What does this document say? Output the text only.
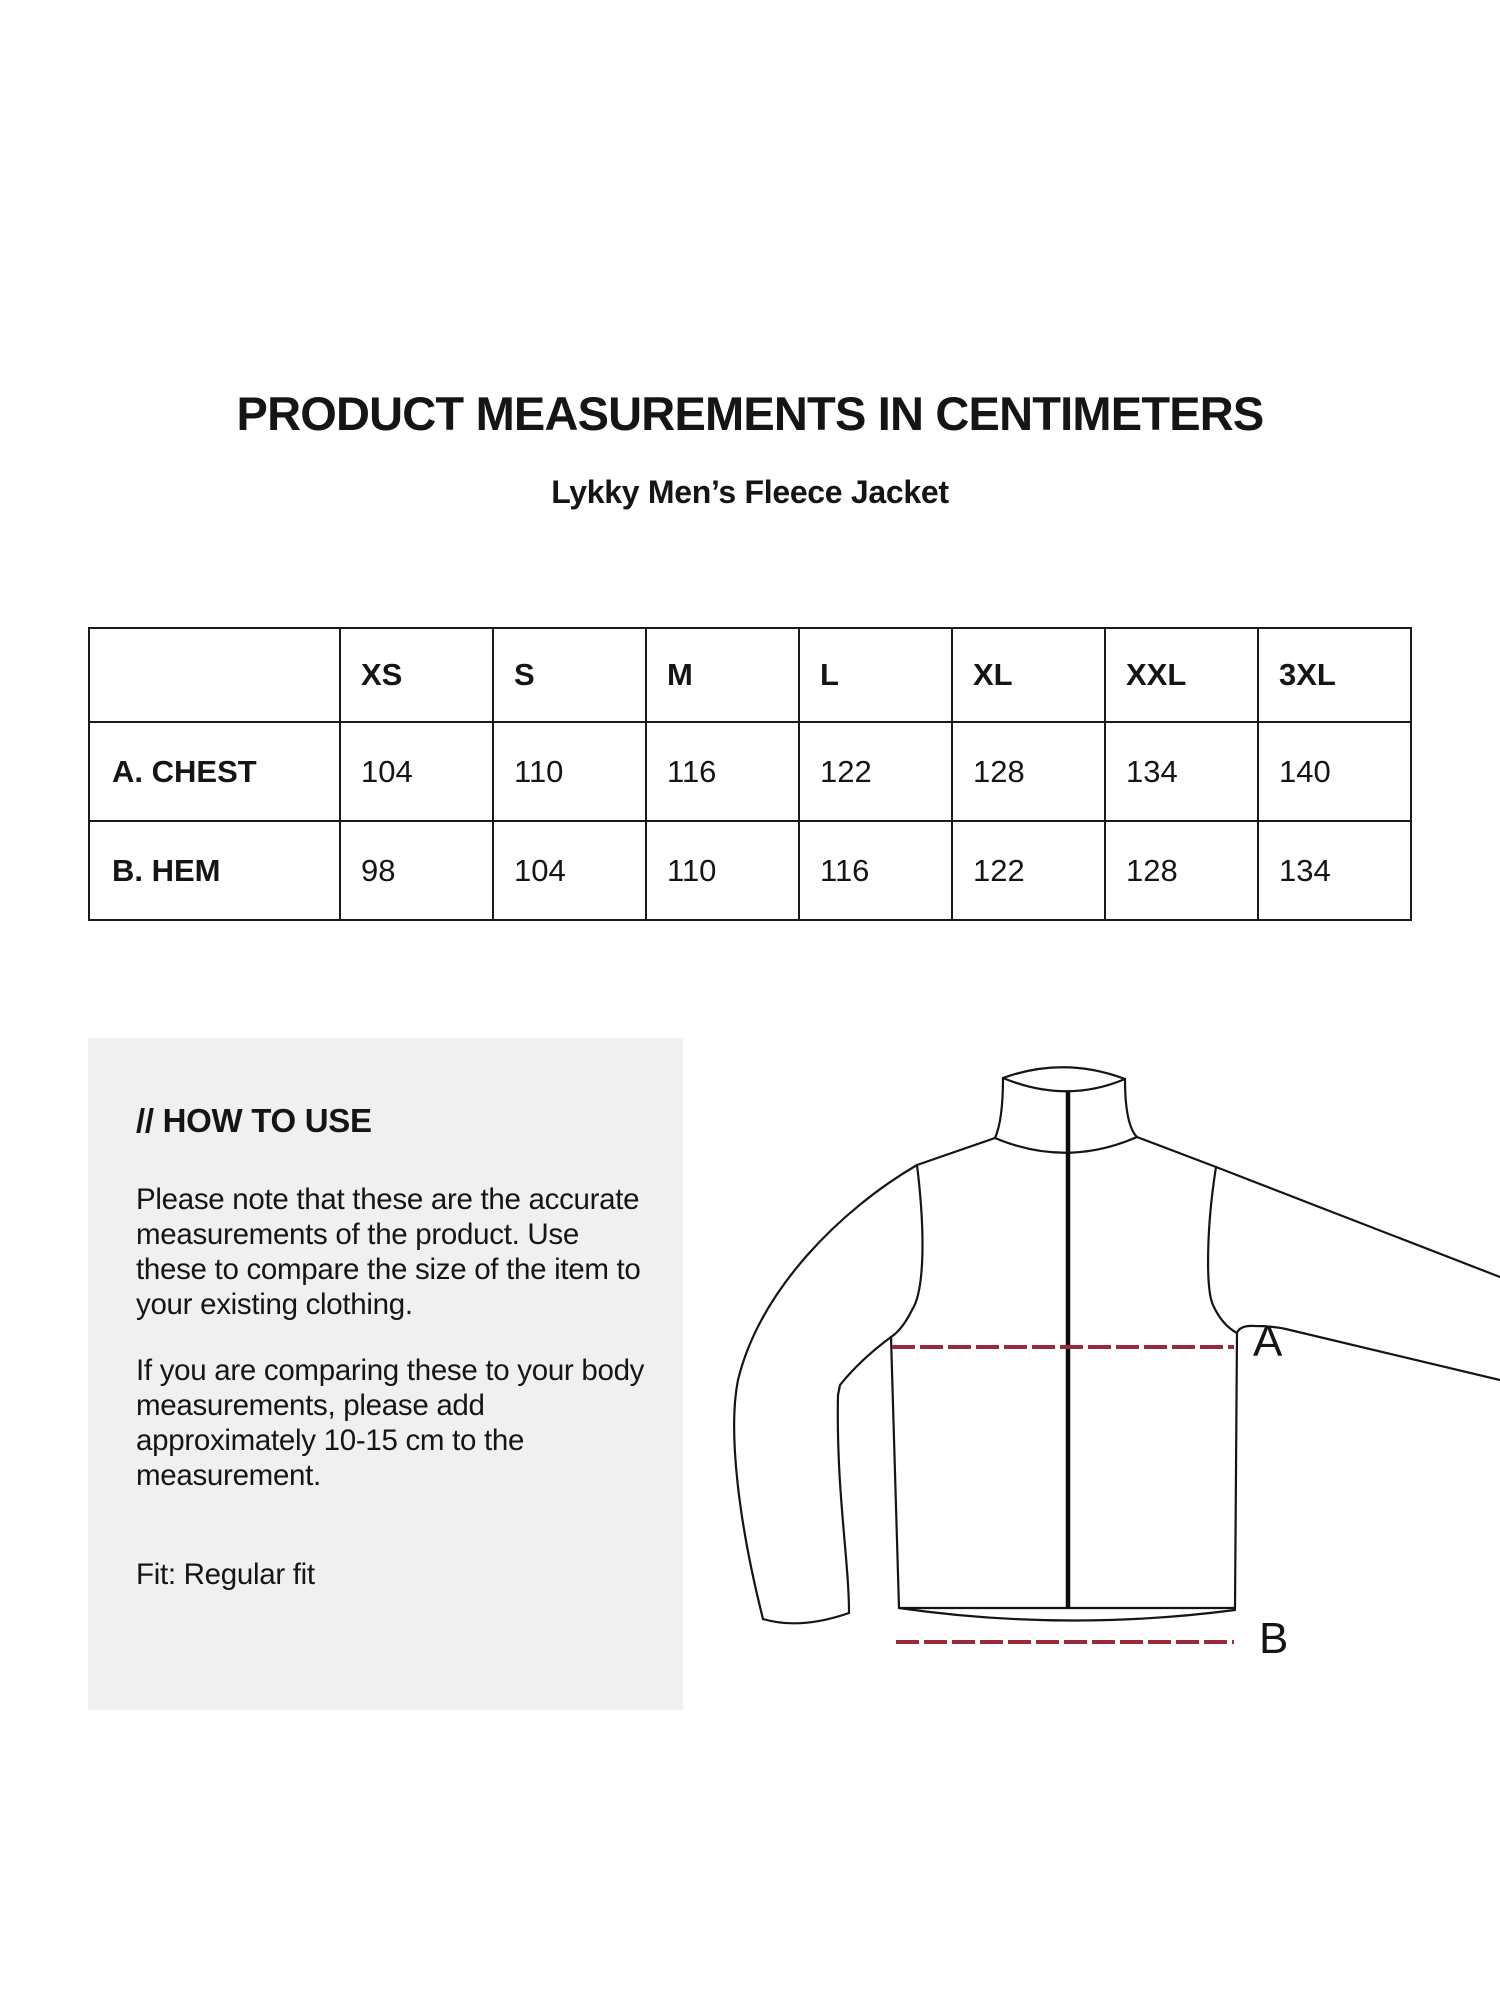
PRODUCT MEASUREMENTS IN CENTIMETERS
Lykky Men’s Fleece Jacket
	XS	S	M	L	XL	XXL	3XL
A. CHEST	104	110	116	122	128	134	140
B. HEM	98	104	110	116	122	128	134
// HOW TO USE
Please note that these are the accurate measurements of the product. Use these to compare the size of the item to your existing clothing.
If you are comparing these to your body measurements, please add approximately 10-15 cm to the measurement.
Fit: Regular fit
A
B
